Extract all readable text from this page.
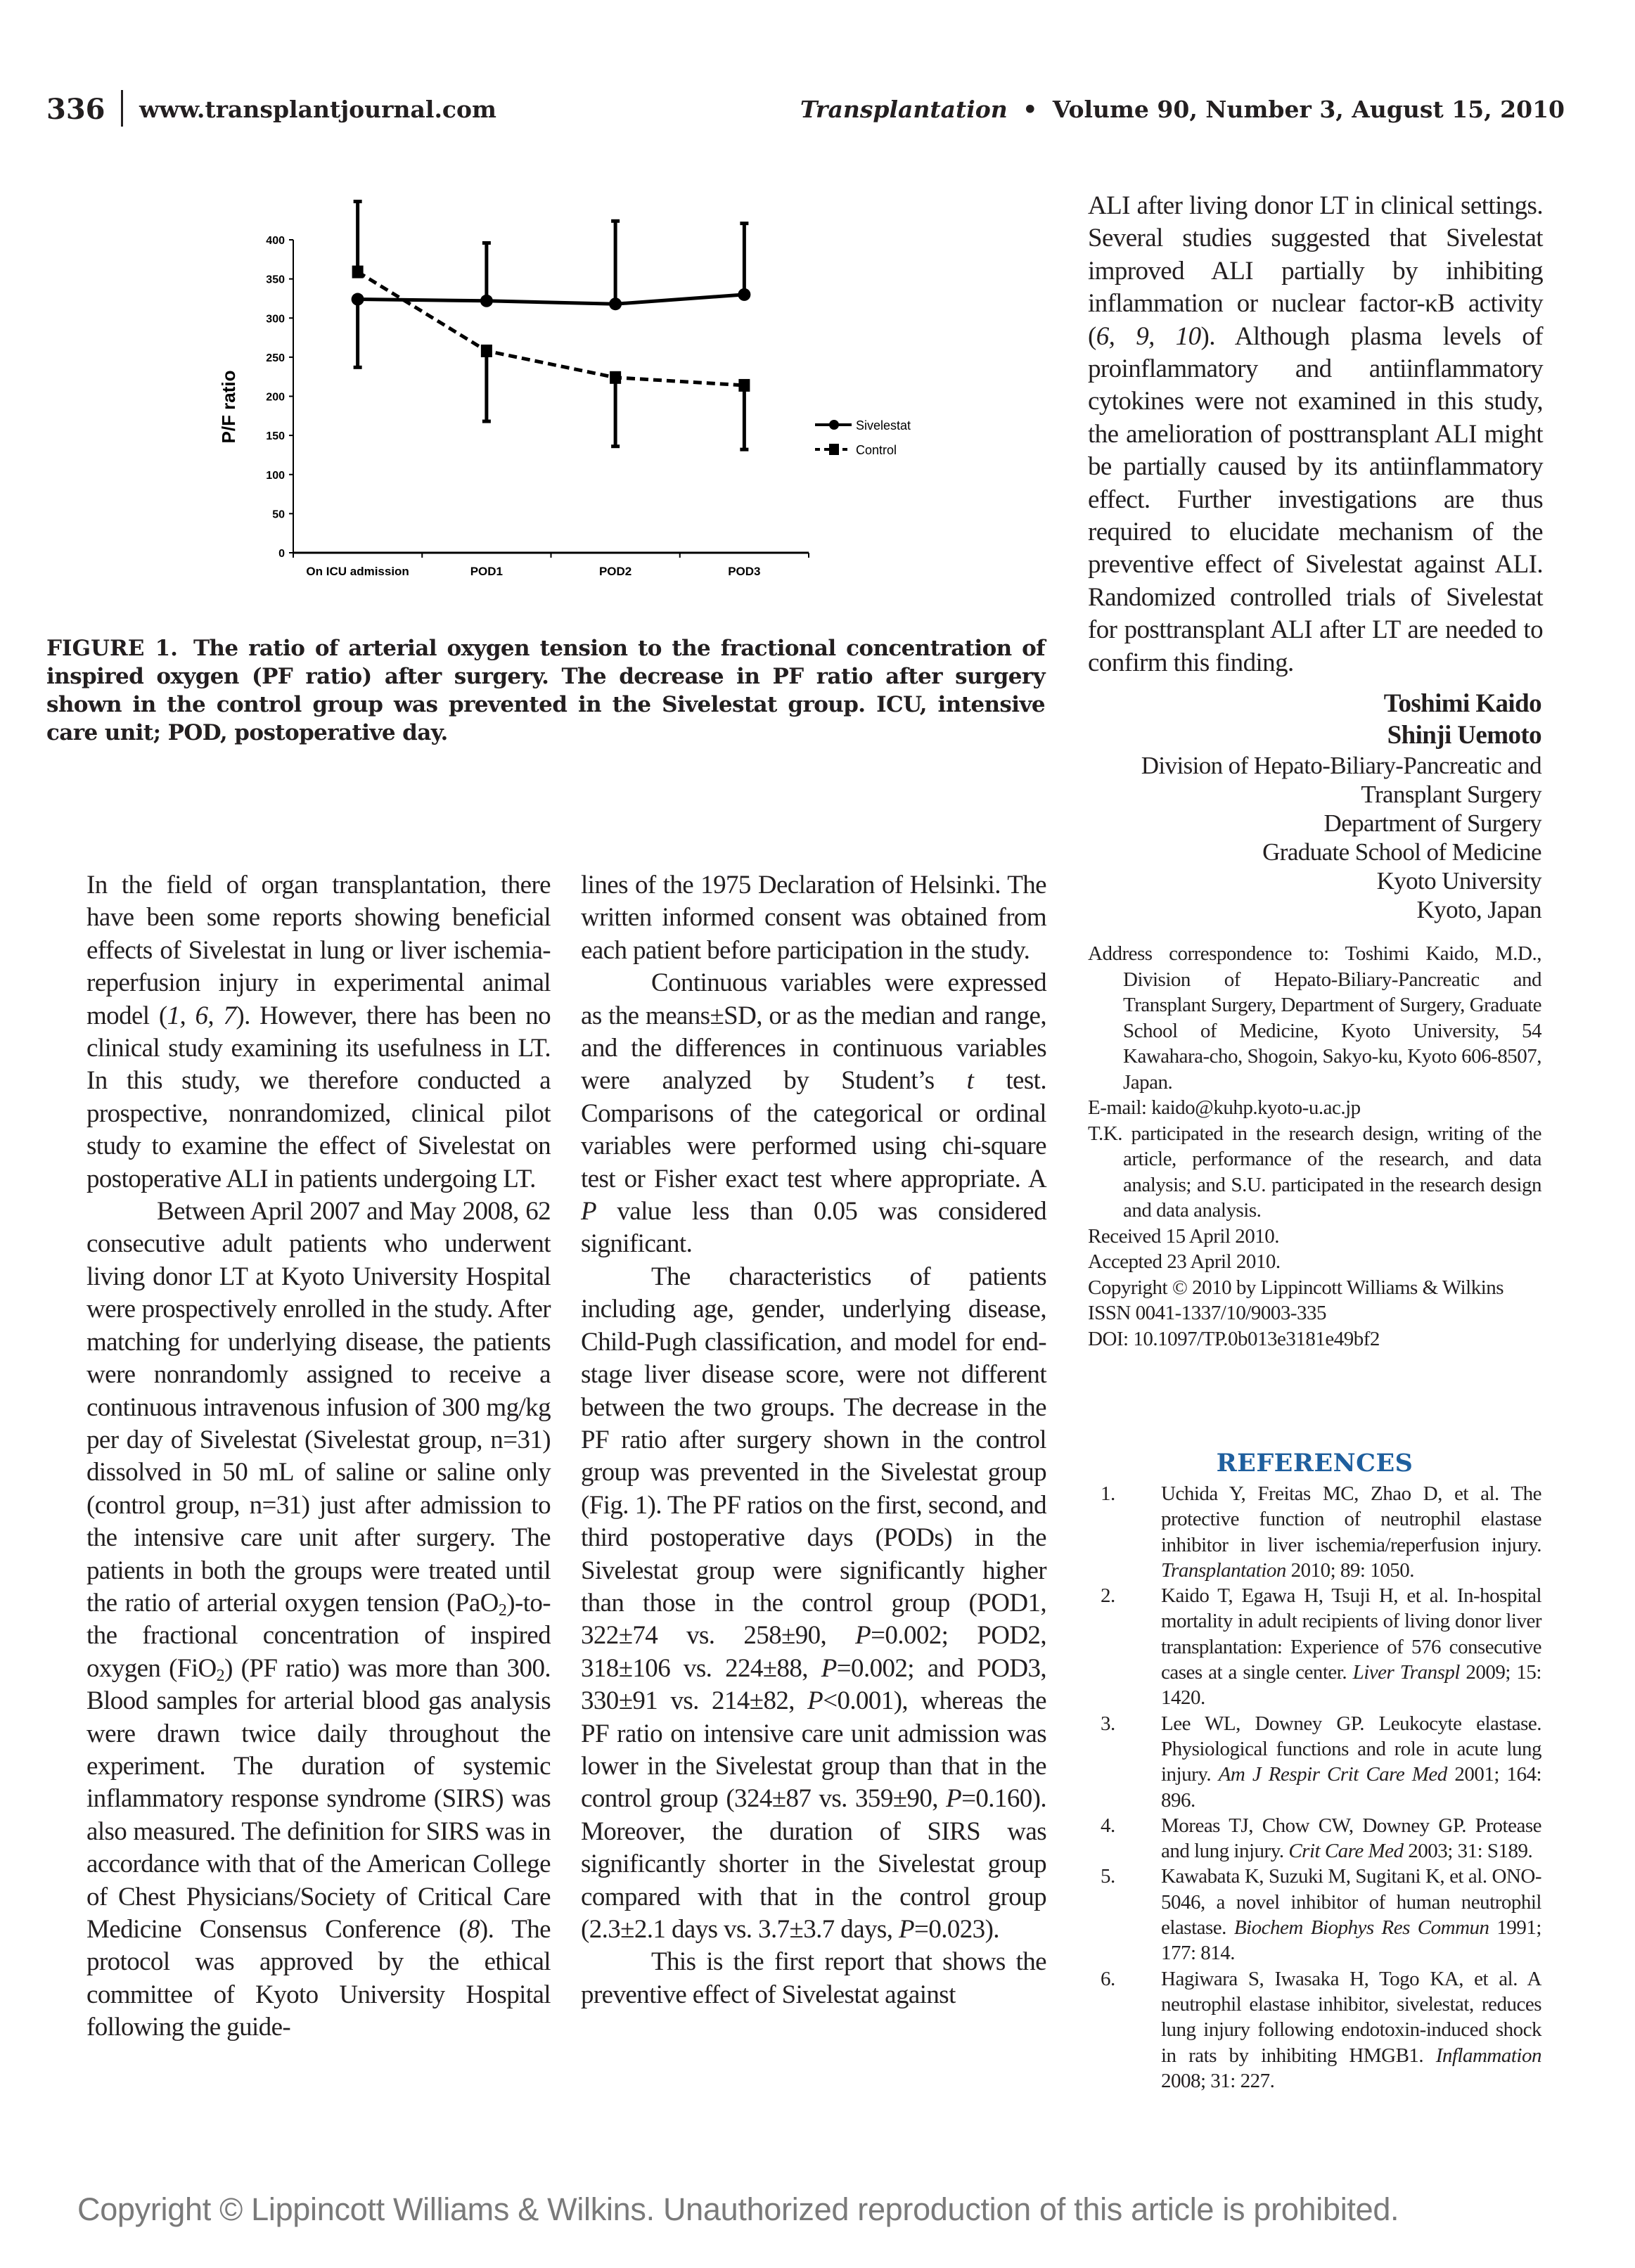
336 www.transplantjournal.com	Transplantation • Volume 90, Number 3, August 15, 2010
0
50
100
150
200
250
300
350
400
On ICU admission	POD1	POD2	POD3
P/F ratio	Sivelestat
Control
FIGURE 1. The ratio of arterial oxygen tension to the fractional concentration of inspired oxygen (PF ratio) after surgery. The decrease in PF ratio after surgery shown in the control group was prevented in the Sivelestat group. ICU, intensive care unit; POD, postoperative day.

In the field of organ transplantation, there have been some reports showing beneficial effects of Sivelestat in lung or liver ischemia-reperfusion injury in experimental animal model (1, 6, 7). However, there has been no clinical study examining its usefulness in LT. In this study, we therefore conducted a prospective, nonrandomized, clinical pilot study to examine the effect of Sivelestat on postoperative ALI in patients undergoing LT.

Between April 2007 and May 2008, 62 consecutive adult patients who underwent living donor LT at Kyoto University Hospital were prospectively enrolled in the study. After matching for underlying disease, the patients were nonrandomly assigned to receive a continuous intravenous infusion of 300 mg/kg per day of Sivelestat (Sivelestat group, n=31) dissolved in 50 mL of saline or saline only (control group, n=31) just after admission to the intensive care unit after surgery. The patients in both the groups were treated until the ratio of arterial oxygen tension (PaO$_2$)-to-the fractional concentration of inspired oxygen (FiO$_2$) (PF ratio) was more than 300. Blood samples for arterial blood gas analysis were drawn twice daily throughout the experiment. The duration of systemic inflammatory response syndrome (SIRS) was also measured. The definition for SIRS was in accordance with that of the American College of Chest Physicians/Society of Critical Care Medicine Consensus Conference (8). The protocol was approved by the ethical committee of Kyoto University Hospital following the guide-

lines of the 1975 Declaration of Helsinki. The written informed consent was obtained from each patient before participation in the study.

Continuous variables were expressed as the means±SD, or as the median and range, and the differences in continuous variables were analyzed by Student’s t test. Comparisons of the categorical or ordinal variables were performed using chi-square test or Fisher exact test where appropriate. A P value less than 0.05 was considered significant.

The characteristics of patients including age, gender, underlying disease, Child-Pugh classification, and model for end-stage liver disease score, were not different between the two groups. The decrease in the PF ratio after surgery shown in the control group was prevented in the Sivelestat group (Fig. 1). The PF ratios on the first, second, and third postoperative days (PODs) in the Sivelestat group were significantly higher than those in the control group (POD1, 322±74 vs. 258±90, P=0.002; POD2, 318±106 vs. 224±88, P=0.002; and POD3, 330±91 vs. 214±82, P<0.001), whereas the PF ratio on intensive care unit admission was lower in the Sivelestat group than that in the control group (324±87 vs. 359±90, P=0.160). Moreover, the duration of SIRS was significantly shorter in the Sivelestat group compared with that in the control group (2.3±2.1 days vs. 3.7±3.7 days, P=0.023).

This is the first report that shows the preventive effect of Sivelestat against

ALI after living donor LT in clinical settings. Several studies suggested that Sivelestat improved ALI partially by inhibiting inflammation or nuclear factor-κB activity (6, 9, 10). Although plasma levels of proinflammatory and antiinflammatory cytokines were not examined in this study, the amelioration of posttransplant ALI might be partially caused by its antiinflammatory effect. Further investigations are thus required to elucidate mechanism of the preventive effect of Sivelestat against ALI. Randomized controlled trials of Sivelestat for posttransplant ALI after LT are needed to confirm this finding.

Toshimi Kaido
Shinji Uemoto
Division of Hepato-Biliary-Pancreatic and
Transplant Surgery
Department of Surgery
Graduate School of Medicine
Kyoto University
Kyoto, Japan
Address correspondence to: Toshimi Kaido, M.D., Division of Hepato-Biliary-Pancreatic and Transplant Surgery, Department of Surgery, Graduate School of Medicine, Kyoto University, 54 Kawahara-cho, Shogoin, Sakyo-ku, Kyoto 606-8507, Japan.
E-mail: kaido@kuhp.kyoto-u.ac.jp
T.K. participated in the research design, writing of the article, performance of the research, and data analysis; and S.U. participated in the research design and data analysis.
Received 15 April 2010.
Accepted 23 April 2010.
Copyright © 2010 by Lippincott Williams & Wilkins
ISSN 0041-1337/10/9003-335
DOI: 10.1097/TP.0b013e3181e49bf2
REFERENCES
1. Uchida Y, Freitas MC, Zhao D, et al. The protective function of neutrophil elastase inhibitor in liver ischemia/reperfusion injury. Transplantation 2010; 89: 1050.
2. Kaido T, Egawa H, Tsuji H, et al. In-hospital mortality in adult recipients of living donor liver transplantation: Experience of 576 consecutive cases at a single center. Liver Transpl 2009; 15: 1420.
3. Lee WL, Downey GP. Leukocyte elastase. Physiological functions and role in acute lung injury. Am J Respir Crit Care Med 2001; 164: 896.
4. Moreas TJ, Chow CW, Downey GP. Protease and lung injury. Crit Care Med 2003; 31: S189.
5. Kawabata K, Suzuki M, Sugitani K, et al. ONO-5046, a novel inhibitor of human neutrophil elastase. Biochem Biophys Res Commun 1991; 177: 814.
6. Hagiwara S, Iwasaka H, Togo KA, et al. A neutrophil elastase inhibitor, sivelestat, reduces lung injury following endotoxin-induced shock in rats by inhibiting HMGB1. Inflammation 2008; 31: 227.
Copyright © Lippincott Williams & Wilkins. Unauthorized reproduction of this article is prohibited.
